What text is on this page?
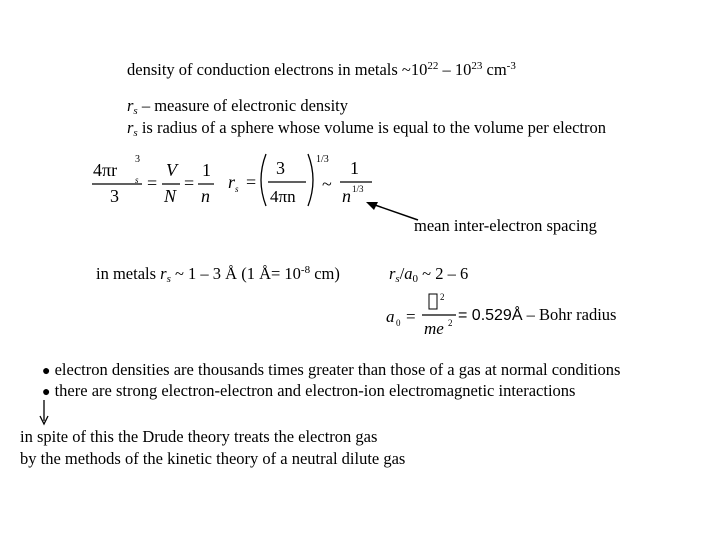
density of conduction electrons in metals $\sim 10^{22} - 10^{23}$ $cm^{-3}$
$r_s$ – measure of electronic density
$r_s$ is radius of a sphere whose volume is equal to the volume per electron
4πr s
3
3
=
V
N
=
1
n
r s =
3
4πn
1/3
~
1
n 1/3
mean inter-electron spacing
in metals $r_s$ ~ 1 – 3 Å (1 Å= $10^{-8}$ cm)	$r_s/a_0$ ~ 2 – 6
a 0 =
2
me 2 = 0.529Å – Bohr radius
● electron densities are thousands times greater than those of a gas at normal conditions
● there are strong electron-electron and electron-ion electromagnetic interactions
in spite of this the Drude theory treats the electron gas
by the methods of the kinetic theory of a neutral dilute gas
